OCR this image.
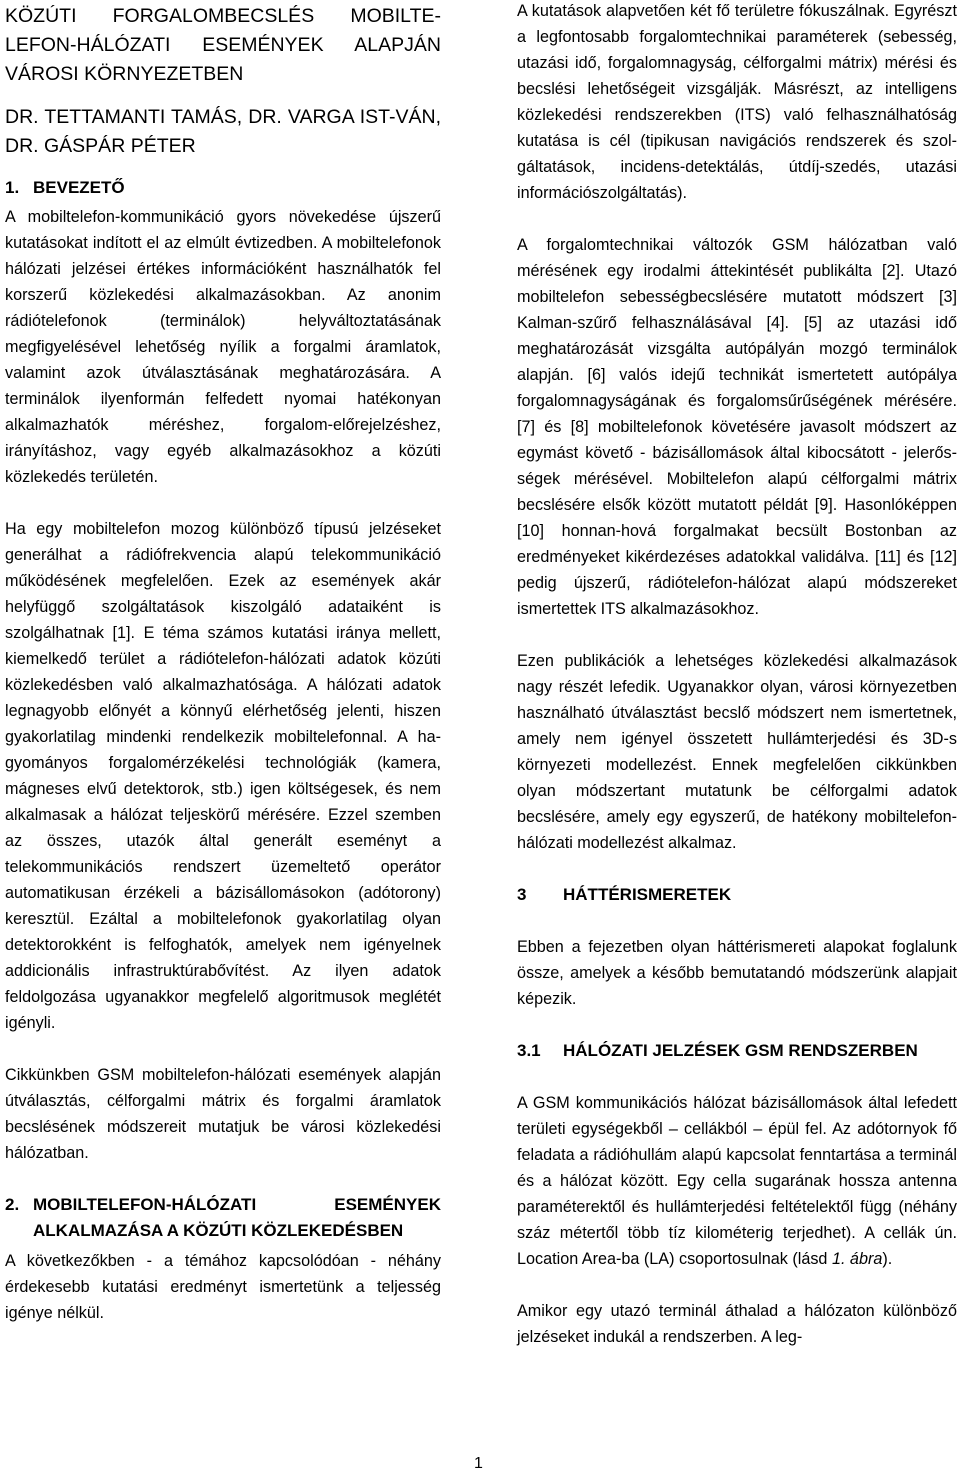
KÖZÚTI FORGALOMBECSLÉS MOBILTE-LEFON-HÁLÓZATI ESEMÉNYEK ALAPJÁN VÁROSI KÖRNYEZETBEN
DR. TETTAMANTI TAMÁS, DR. VARGA IST-VÁN, DR. GÁSPÁR PÉTER
1. BEVEZETŐ

A mobiltelefon-kommunikáció gyors növekedése újszerű kutatásokat indított el az elmúlt évtizedben. A mobiltelefonok hálózati jelzései értékes információként használhatók fel korszerű közlekedési alkalmazásokban. Az anonim rádiótelefonok (terminálok) helyváltoztatásának megfigyelésével lehetőség nyílik a forgalmi áramlatok, valamint azok útválasztásának meghatározására. A terminálok ilyenformán felfedett nyomai hatékonyan alkalmazhatók méréshez, forgalom-előrejelzéshez, irányításhoz, vagy egyéb alkalmazásokhoz a közúti közlekedés területén.

Ha egy mobiltelefon mozog különböző típusú jelzéseket generálhat a rádiófrekvencia alapú telekommunikáció működésének megfelelően. Ezek az események akár helyfüggő szolgáltatások kiszolgáló adataiként is szolgálhatnak [1]. E téma számos kutatási iránya mellett, kiemelkedő terület a rádiótelefon-hálózati adatok közúti közlekedésben való alkalmazhatósága. A hálózati adatok legnagyobb előnyét a könnyű elérhetőség jelenti, hiszen gyakorlatilag mindenki rendelkezik mobiltelefonnal. A hagyományos forgalomérzékelési technológiák (kamera, mágneses elvű detektorok, stb.) igen költségesek, és nem alkalmasak a hálózat teljeskörű mérésére. Ezzel szemben az összes, utazók által generált eseményt a telekommunikációs rendszert üzemeltető operátor automatikusan érzékeli a bázisállomásokon (adótorony) keresztül. Ezáltal a mobiltelefonok gyakorlatilag olyan detektorokként is felfoghatók, amelyek nem igényelnek addicionális infrastruktúrabővítést. Az ilyen adatok feldolgozása ugyanakkor megfelelő algoritmusok meglétét igényli.

Cikkünkben GSM mobiltelefon-hálózati események alapján útválasztás, célforgalmi mátrix és forgalmi áramlatok becslésének módszereit mutatjuk be városi közlekedési hálózatban.

2. MOBILTELEFON-HÁLÓZATI ESEMÉNYEK ALKALMAZÁSA A KÖZÚTI KÖZLEKEDÉSBEN

A következőkben - a témához kapcsolódóan - néhány érdekesebb kutatási eredményt ismertetünk a teljesség igénye nélkül.

A kutatások alapvetően két fő területre fókuszálnak. Egyrészt a legfontosabb forgalomtechnikai paraméterek (sebesség, utazási idő, forgalomnagyság, célforgalmi mátrix) mérési és becslési lehetőségeit vizsgálják. Másrészt, az intelligens közlekedési rendszerekben (ITS) való felhasználhatóság kutatása is cél (tipikusan navigációs rendszerek és szolgáltatások, incidens-detektálás, útdíj-szedés, utazási információszolgáltatás).

A forgalomtechnikai változók GSM hálózatban való mérésének egy irodalmi áttekintését publikálta [2]. Utazó mobiltelefon sebességbecslésére mutatott módszert [3] Kalman-szűrő felhasználásával [4]. [5] az utazási idő meghatározását vizsgálta autópályán mozgó terminálok alapján. [6] valós idejű technikát ismertetett autópálya forgalomnagyságának és forgalomsűrűségének mérésére. [7] és [8] mobiltelefonok követésére javasolt módszert az egymást követő - bázisállomások által kibocsátott - jelerősségek mérésével. Mobiltelefon alapú célforgalmi mátrix becslésére elsők között mutatott példát [9]. Hasonlóképpen [10] honnan-hová forgalmakat becsült Bostonban az eredményeket kikérdezéses adatokkal validálva. [11] és [12] pedig újszerű, rádiótelefon-hálózat alapú módszereket ismertettek ITS alkalmazásokhoz.

Ezen publikációk a lehetséges közlekedési alkalmazások nagy részét lefedik. Ugyanakkor olyan, városi környezetben használható útválasztást becslő módszert nem ismertetnek, amely nem igényel összetett hullámterjedési és 3D-s környezeti modellezést. Ennek megfelelően cikkünkben olyan módszertant mutatunk be célforgalmi adatok becslésére, amely egy egyszerű, de hatékony mobiltelefon-hálózati modellezést alkalmaz.

3	HÁTTÉRISMERETEK

Ebben a fejezetben olyan háttérismereti alapokat foglalunk össze, amelyek a később bemutatandó módszerünk alapjait képezik.

3.1	HÁLÓZATI JELZÉSEK GSM RENDSZERBEN

A GSM kommunikációs hálózat bázisállomások által lefedett területi egységekből – cellákból – épül fel. Az adótornyok fő feladata a rádióhullám alapú kapcsolat fenntartása a terminál és a hálózat között. Egy cella sugarának hossza antenna paraméterektől és hullámterjedési feltételektől függ (néhány száz métertől több tíz kilométerig terjedhet). A cellák ún. Location Area-ba (LA) csoportosulnak (lásd 1. ábra).

Amikor egy utazó terminál áthalad a hálózaton különböző jelzéseket indukál a rendszerben. A leg-

1
